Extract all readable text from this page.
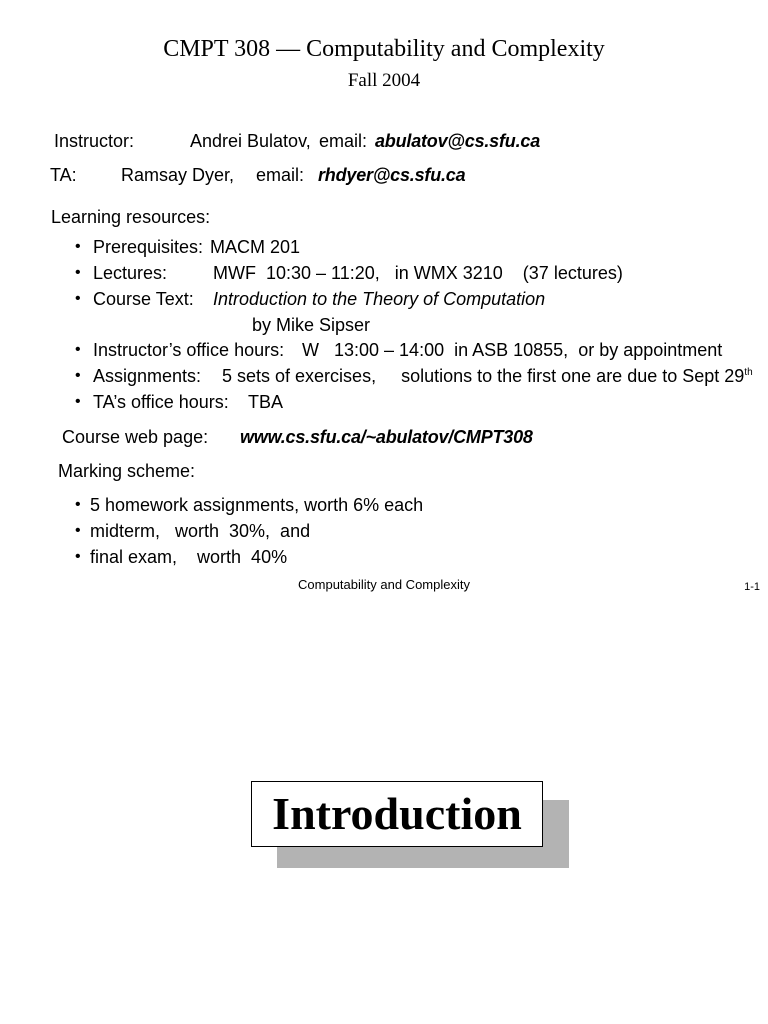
CMPT 308 — Computability and Complexity
Fall 2004
Instructor:	Andrei Bulatov, email: abulatov@cs.sfu.ca
TA: Ramsay Dyer, email: rhdyer@cs.sfu.ca
Learning resources:
• Prerequisites: MACM 201
• Lectures:	MWF  10:30 – 11:20,   in WMX 3210    (37 lectures)
• Course Text: Introduction to the Theory of Computation
by Mike Sipser
• Instructor’s office hours: W   13:00 – 14:00  in ASB 10855,  or by appointment
• Assignments: 5 sets of exercises,     solutions to the first one are due to Sept 29th
• TA’s office hours: TBA
Course web page: www.cs.sfu.ca/~abulatov/CMPT308
Marking scheme:
• 5 homework assignments, worth 6% each
• midterm,   worth  30%,  and
• final exam,    worth  40%
Computability and Complexity	1-1
Introduction
